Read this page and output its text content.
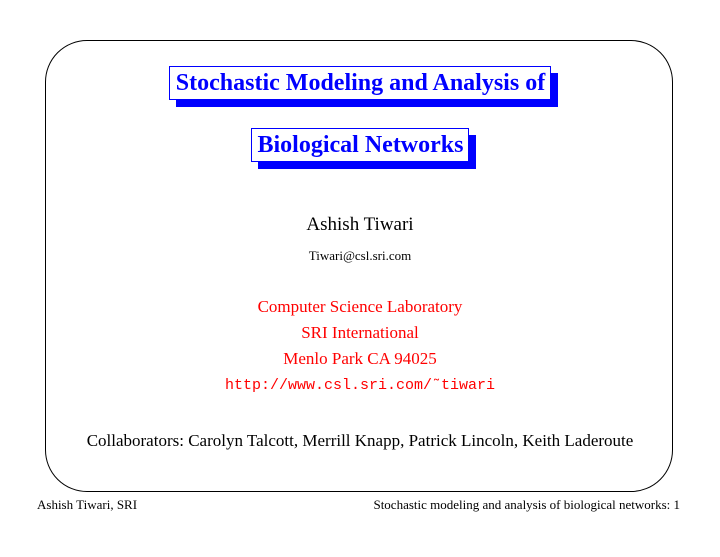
Stochastic Modeling and Analysis of
Biological Networks
Ashish Tiwari
Tiwari@csl.sri.com
Computer Science Laboratory
SRI International
Menlo Park CA 94025
http://www.csl.sri.com/˜tiwari
Collaborators: Carolyn Talcott, Merrill Knapp, Patrick Lincoln, Keith Laderoute
Ashish Tiwari, SRI	Stochastic modeling and analysis of biological networks: 1
